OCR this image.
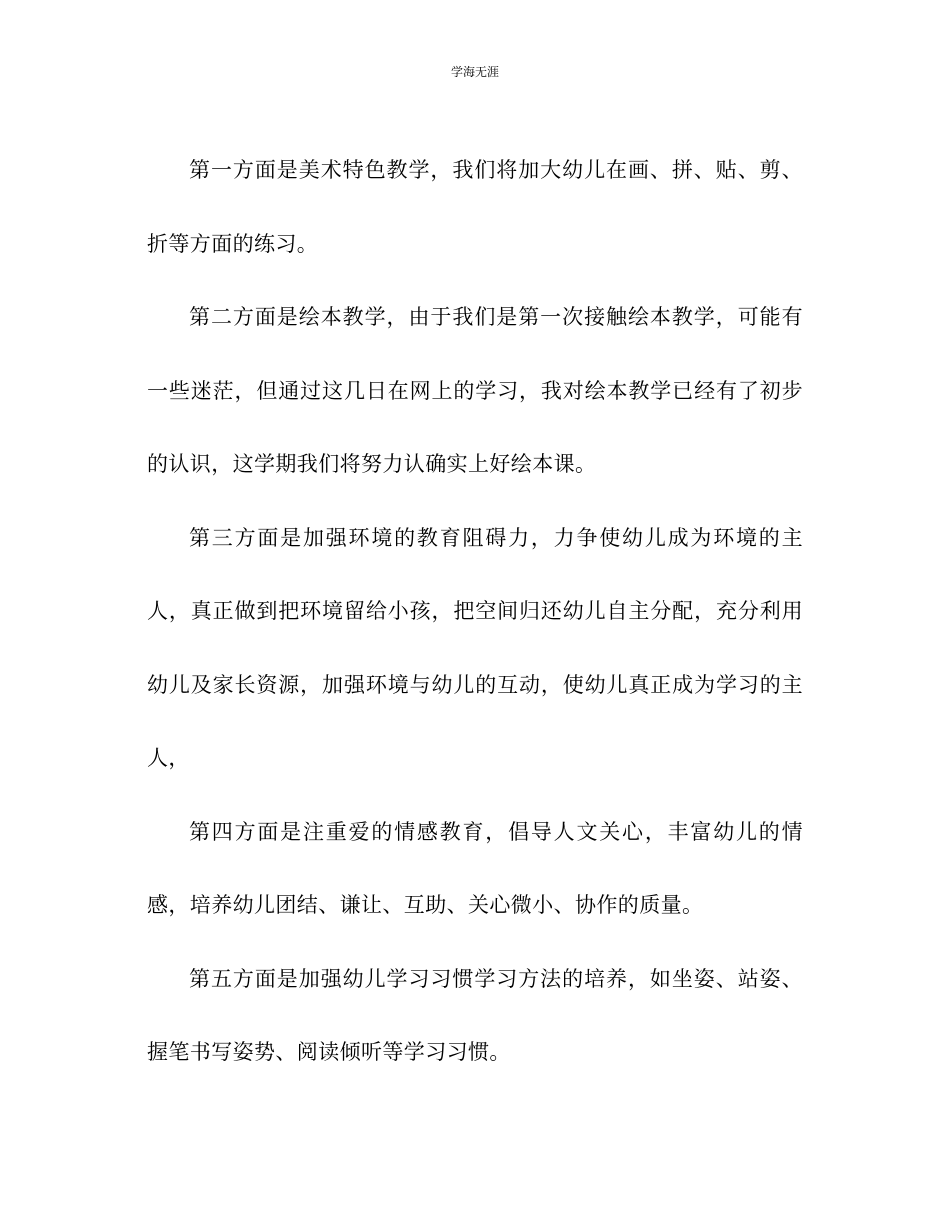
学海无涯

第一方面是美术特色教学，我们将加大幼儿在画、拼、贴、剪、折等方面的练习。

第二方面是绘本教学，由于我们是第一次接触绘本教学，可能有一些迷茫，但通过这几日在网上的学习，我对绘本教学已经有了初步的认识，这学期我们将努力认确实上好绘本课。

第三方面是加强环境的教育阻碍力，力争使幼儿成为环境的主人，真正做到把环境留给小孩，把空间归还幼儿自主分配，充分利用幼儿及家长资源，加强环境与幼儿的互动，使幼儿真正成为学习的主人，

第四方面是注重爱的情感教育，倡导人文关心，丰富幼儿的情感，培养幼儿团结、谦让、互助、关心微小、协作的质量。

第五方面是加强幼儿学习习惯学习方法的培养，如坐姿、站姿、握笔书写姿势、阅读倾听等学习习惯。
